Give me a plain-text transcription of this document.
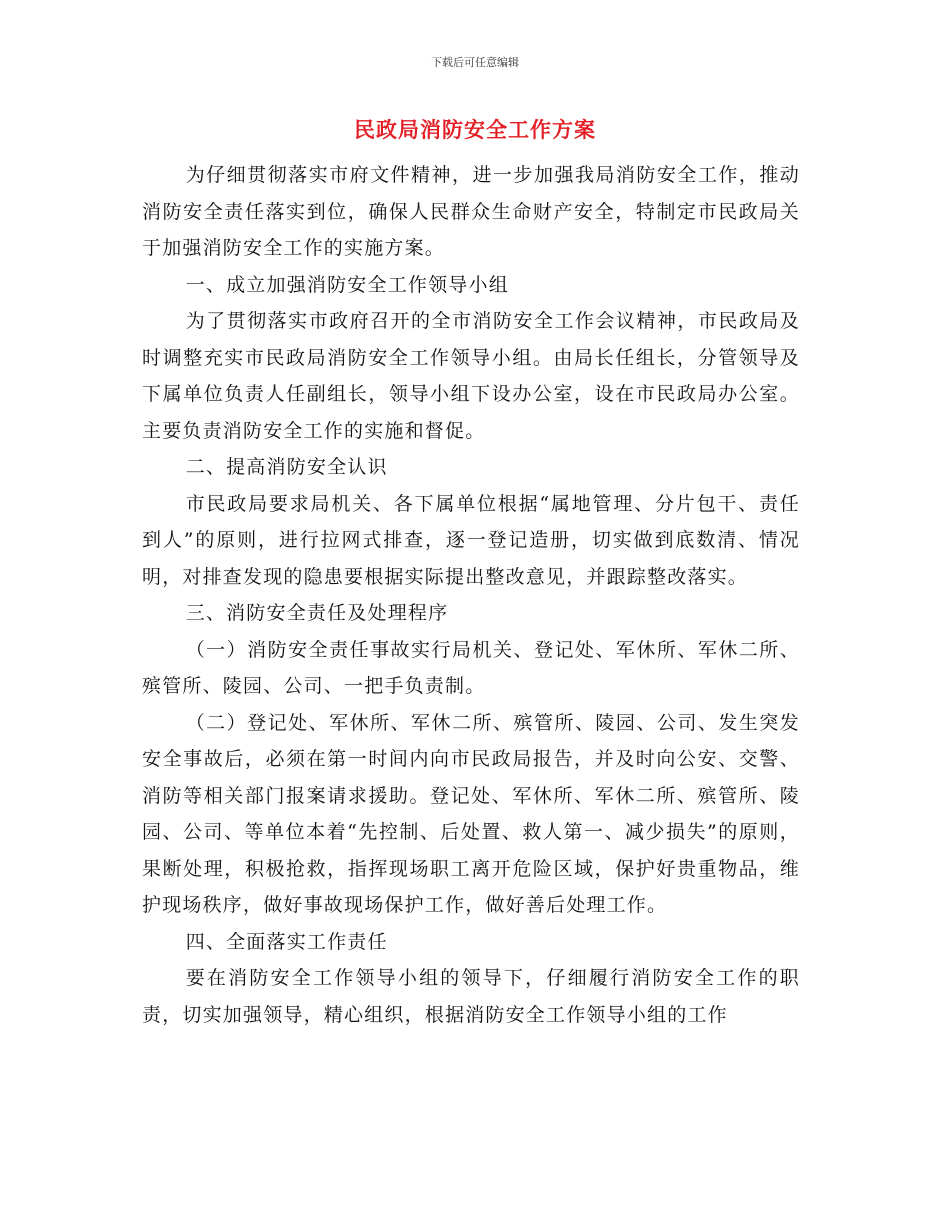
下载后可任意编辑
民政局消防安全工作方案

为仔细贯彻落实市府文件精神，进一步加强我局消防安全工作，推动消防安全责任落实到位，确保人民群众生命财产安全，特制定市民政局关于加强消防安全工作的实施方案。

一、成立加强消防安全工作领导小组

为了贯彻落实市政府召开的全市消防安全工作会议精神，市民政局及时调整充实市民政局消防安全工作领导小组。由局长任组长，分管领导及下属单位负责人任副组长，领导小组下设办公室，设在市民政局办公室。主要负责消防安全工作的实施和督促。

二、提高消防安全认识

市民政局要求局机关、各下属单位根据“属地管理、分片包干、责任到人”的原则，进行拉网式排查，逐一登记造册，切实做到底数清、情况明，对排查发现的隐患要根据实际提出整改意见，并跟踪整改落实。

三、消防安全责任及处理程序

（一）消防安全责任事故实行局机关、登记处、军休所、军休二所、殡管所、陵园、公司、一把手负责制。

（二）登记处、军休所、军休二所、殡管所、陵园、公司、发生突发安全事故后，必须在第一时间内向市民政局报告，并及时向公安、交警、消防等相关部门报案请求援助。登记处、军休所、军休二所、殡管所、陵园、公司、等单位本着“先控制、后处置、救人第一、减少损失”的原则，果断处理，积极抢救，指挥现场职工离开危险区域，保护好贵重物品，维护现场秩序，做好事故现场保护工作，做好善后处理工作。

四、全面落实工作责任

要在消防安全工作领导小组的领导下，仔细履行消防安全工作的职责，切实加强领导，精心组织，根据消防安全工作领导小组的工作
